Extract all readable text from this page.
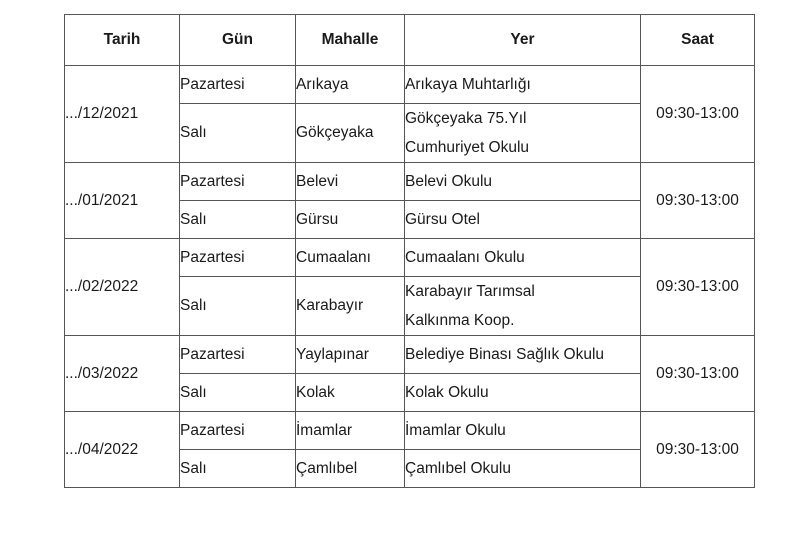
Tarih	Gün	Mahalle	Yer	Saat
.../12/2021	Pazartesi	Arıkaya	Arıkaya Muhtarlığı	09:30-13:00
	Salı	Gökçeyaka	Gökçeyaka 75.Yıl
Cumhuriyet Okulu	

.../01/2021	Pazartesi	Belevi	Belevi Okulu	09:30-13:00
	Salı	Gürsu	Gürsu Otel	

.../02/2022	Pazartesi	Cumaalanı	Cumaalanı Okulu	09:30-13:00
	Salı	Karabayır	Karabayır Tarımsal
Kalkınma Koop.	

.../03/2022	Pazartesi	Yaylapınar	Belediye Binası Sağlık Okulu	09:30-13:00
	Salı	Kolak	Kolak Okulu	

.../04/2022	Pazartesi	İmamlar	İmamlar Okulu	09:30-13:00
	Salı	Çamlıbel	Çamlıbel Okulu	
